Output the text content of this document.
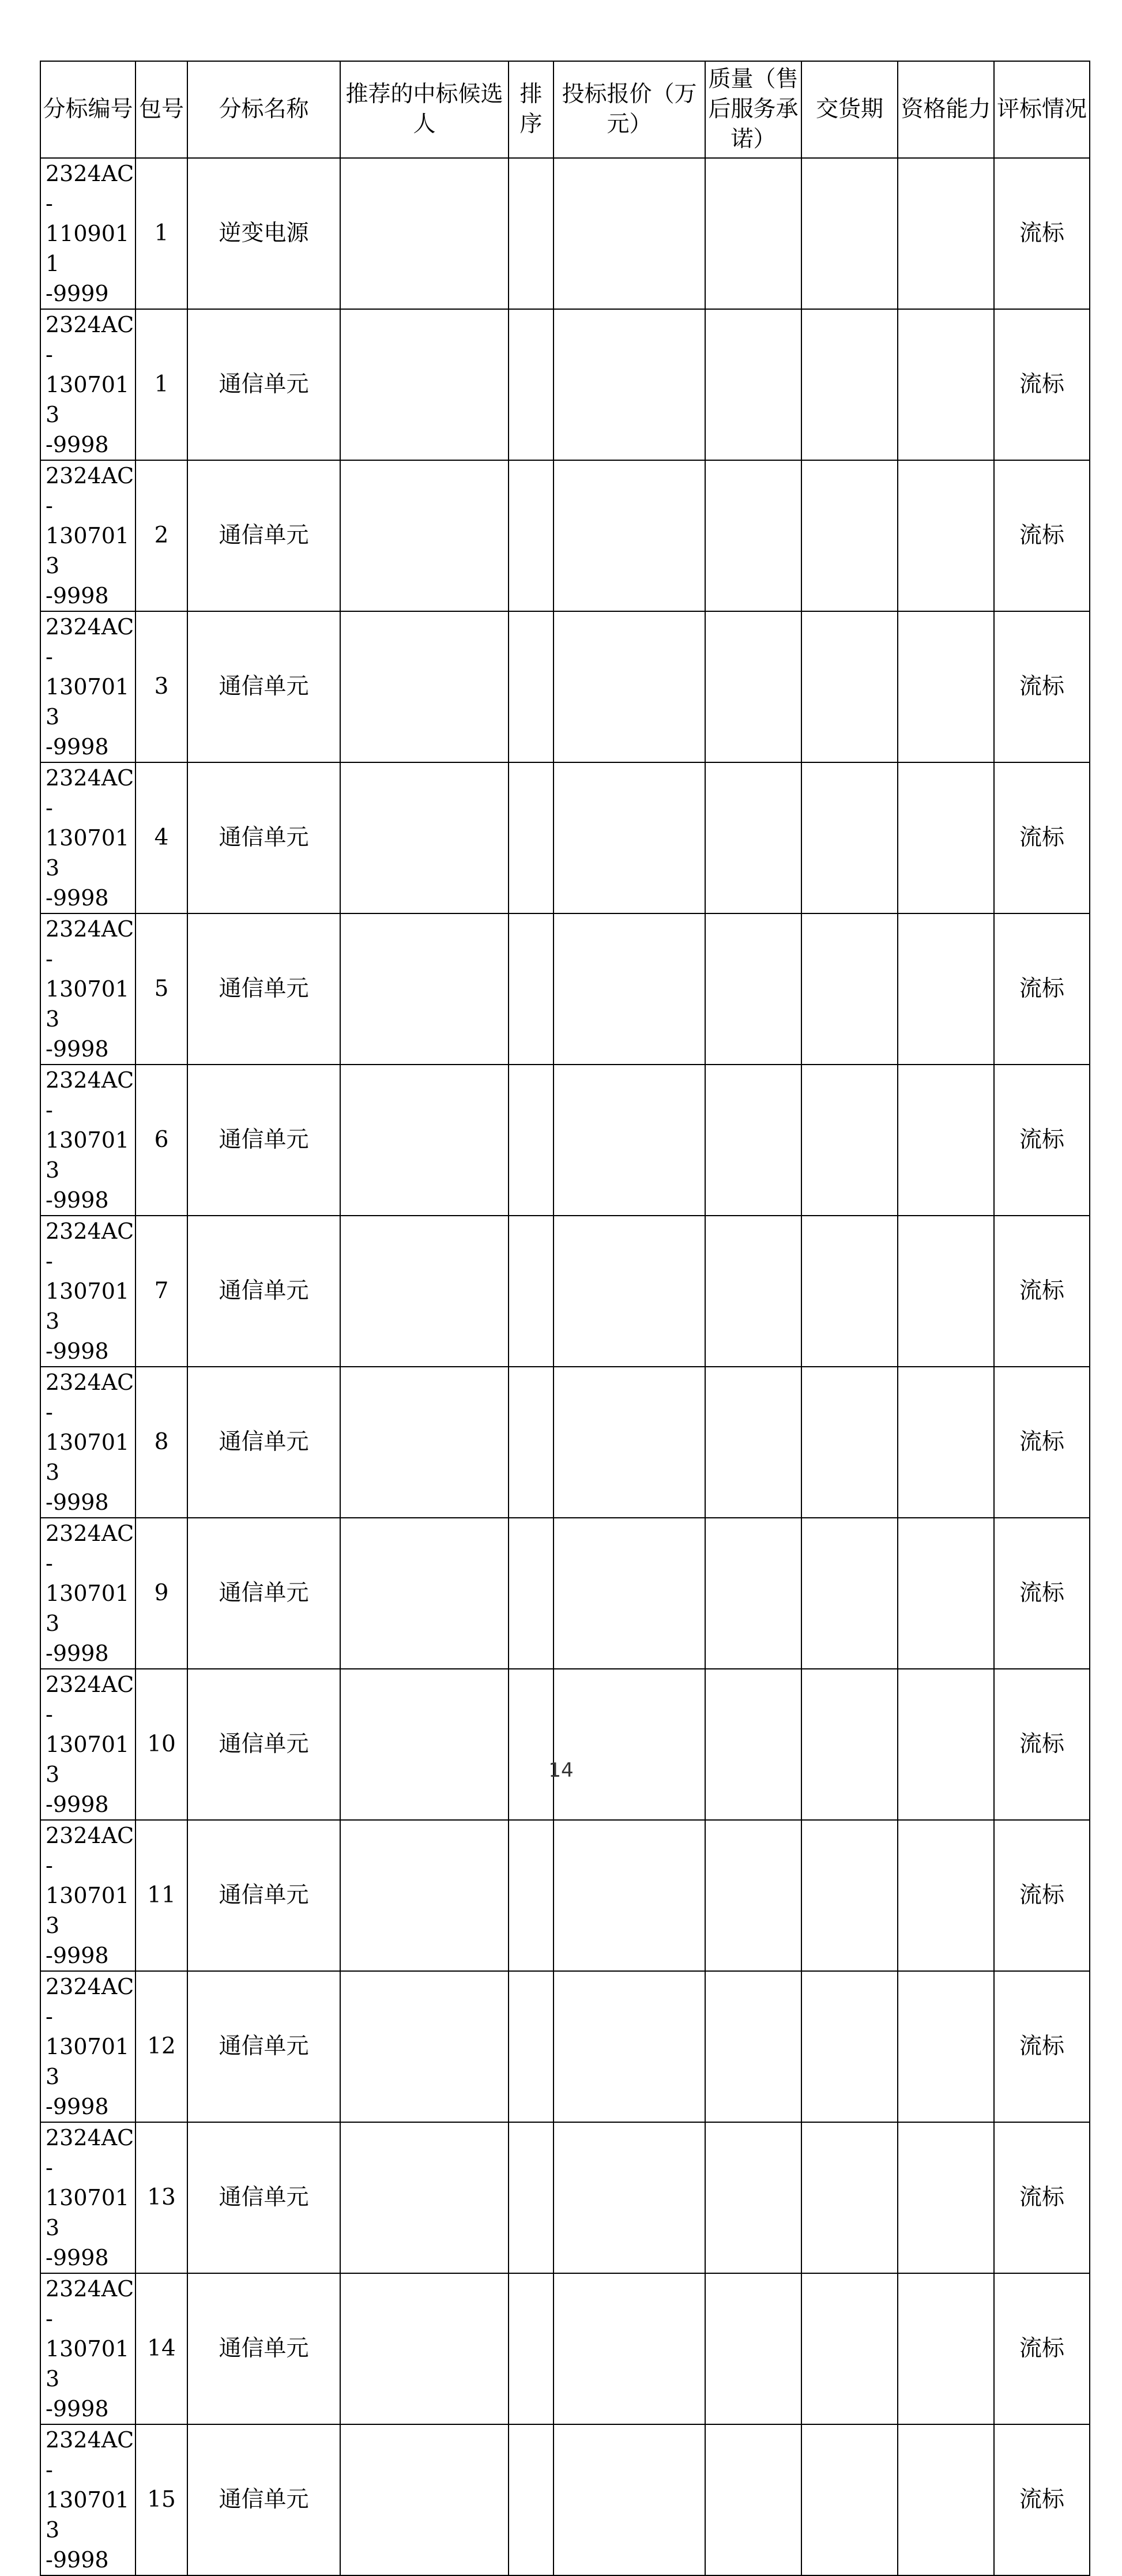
分标编号	包号	分标名称	推荐的中标候选人	排序	投标报价（万元）	质量（售后服务承诺）	交货期	资格能力	评标情况

2324AC-
1109011
-9999	1	逆变电源							流标

2324AC-
1307013
-9998	1	通信单元							流标

2324AC-
1307013
-9998	2	通信单元							流标

2324AC-
1307013
-9998	3	通信单元							流标

2324AC-
1307013
-9998	4	通信单元							流标

2324AC-
1307013
-9998	5	通信单元							流标

2324AC-
1307013
-9998	6	通信单元							流标

2324AC-
1307013
-9998	7	通信单元							流标

2324AC-
1307013
-9998	8	通信单元							流标

2324AC-
1307013
-9998	9	通信单元							流标

2324AC-
1307013
-9998	10	通信单元							流标

2324AC-
1307013
-9998	11	通信单元							流标

2324AC-
1307013
-9998	12	通信单元							流标

2324AC-
1307013
-9998	13	通信单元							流标

2324AC-
1307013
-9998	14	通信单元							流标

2324AC-
1307013
-9998	15	通信单元							流标
14
